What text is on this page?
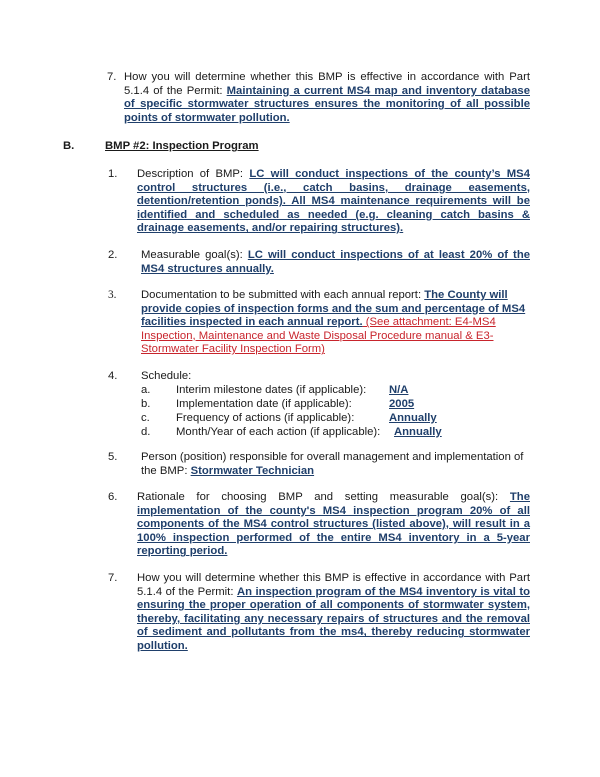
7. How you will determine whether this BMP is effective in accordance with Part 5.1.4 of the Permit: Maintaining a current MS4 map and inventory database of specific stormwater structures ensures the monitoring of all possible points of stormwater pollution.
B.	BMP #2: Inspection Program
1. Description of BMP: LC will conduct inspections of the county’s MS4 control structures (i.e., catch basins, drainage easements, detention/retention ponds). All MS4 maintenance requirements will be identified and scheduled as needed (e.g. cleaning catch basins & drainage easements, and/or repairing structures).
2. Measurable goal(s): LC will conduct inspections of at least 20% of the MS4 structures annually.
3. Documentation to be submitted with each annual report: The County will provide copies of inspection forms and the sum and percentage of MS4 facilities inspected in each annual report. (See attachment: E4-MS4 Inspection, Maintenance and Waste Disposal Procedure manual & E3-Stormwater Facility Inspection Form)
4. Schedule:
a. Interim milestone dates (if applicable): N/A
b. Implementation date (if applicable):	2005
c. Frequency of actions (if applicable):	Annually
d. Month/Year of each action (if applicable): Annually
5. Person (position) responsible for overall management and implementation of the BMP: Stormwater Technician
6. Rationale for choosing BMP and setting measurable goal(s): The implementation of the county's MS4 inspection program 20% of all components of the MS4 control structures (listed above), will result in a 100% inspection performed of the entire MS4 inventory in a 5-year reporting period.
7. How you will determine whether this BMP is effective in accordance with Part 5.1.4 of the Permit: An inspection program of the MS4 inventory is vital to ensuring the proper operation of all components of stormwater system, thereby, facilitating any necessary repairs of structures and the removal of sediment and pollutants from the ms4, thereby reducing stormwater pollution.
